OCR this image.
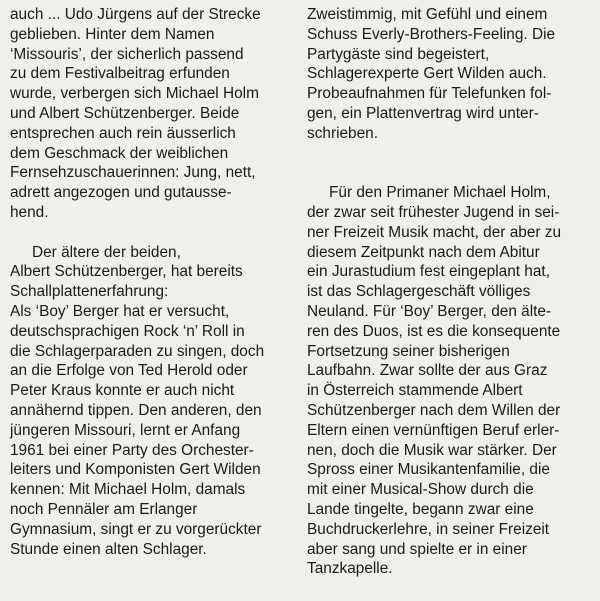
auch ... Udo Jürgens auf der Strecke
geblieben. Hinter dem Namen
‘Missouris’, der sicherlich passend
zu dem Festivalbeitrag erfunden
wurde, verbergen sich Michael Holm
und Albert Schützenberger. Beide
entsprechen auch rein äusserlich
dem Geschmack der weiblichen
Fernsehzuschauerinnen: Jung, nett,
adrett angezogen und gutausse-
hend.
Der ältere der beiden,
Albert Schützenberger, hat bereits
Schallplattenerfahrung:
Als ‘Boy’ Berger hat er versucht,
deutschsprachigen Rock ‘n’ Roll in
die Schlagerparaden zu singen, doch
an die Erfolge von Ted Herold oder
Peter Kraus konnte er auch nicht
annähernd tippen. Den anderen, den
jüngeren Missouri, lernt er Anfang
1961 bei einer Party des Orchester-
leiters und Komponisten Gert Wilden
kennen: Mit Michael Holm, damals
noch Pennäler am Erlanger
Gymnasium, singt er zu vorgerückter
Stunde einen alten Schlager.
Zweistimmig, mit Gefühl und einem
Schuss Everly-Brothers-Feeling. Die
Partygäste sind begeistert,
Schlagerexperte Gert Wilden auch.
Probeaufnahmen für Telefunken fol-
gen, ein Plattenvertrag wird unter-
schrieben.
Für den Primaner Michael Holm,
der zwar seit frühester Jugend in sei-
ner Freizeit Musik macht, der aber zu
diesem Zeitpunkt nach dem Abitur
ein Jurastudium fest eingeplant hat,
ist das Schlagergeschäft völliges
Neuland. Für ‘Boy’ Berger, den älte-
ren des Duos, ist es die konsequente
Fortsetzung seiner bisherigen
Laufbahn. Zwar sollte der aus Graz
in Österreich stammende Albert
Schützenberger nach dem Willen der
Eltern einen vernünftigen Beruf erler-
nen, doch die Musik war stärker. Der
Spross einer Musikantenfamilie, die
mit einer Musical-Show durch die
Lande tingelte, begann zwar eine
Buchdruckerlehre, in seiner Freizeit
aber sang und spielte er in einer
Tanzkapelle.
